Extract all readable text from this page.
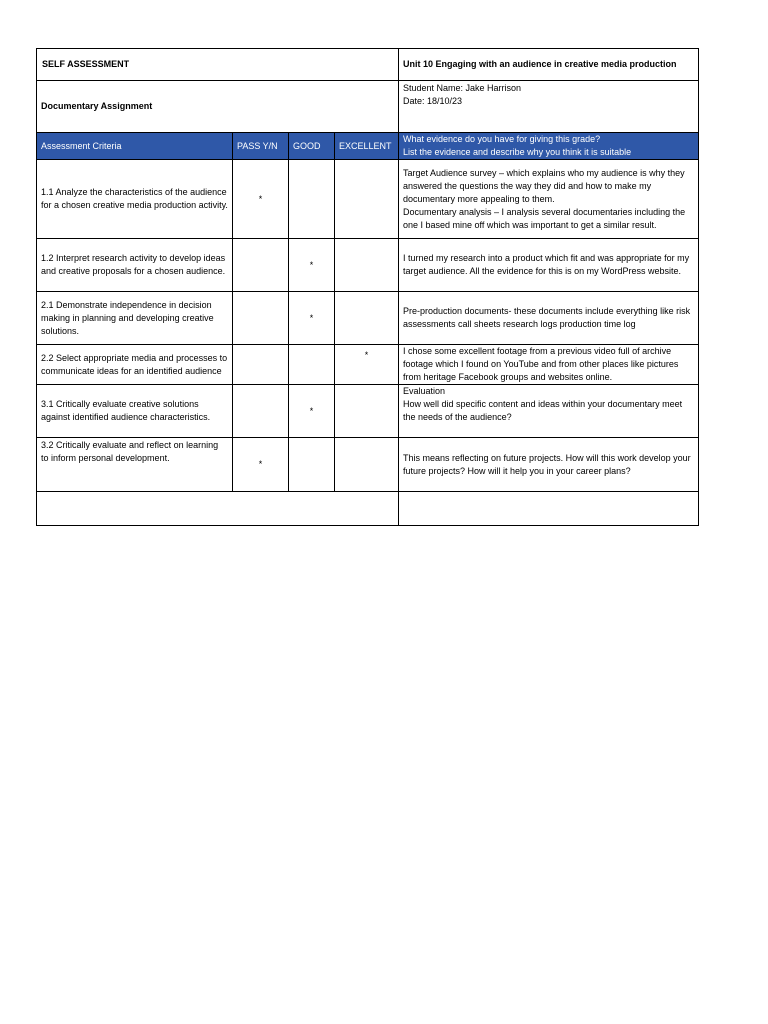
SELF ASSESSMENT				Unit 10 Engaging with an audience in creative media production
Documentary Assignment				Student Name: Jake Harrison
Date: 18/10/23

Assessment Criteria	PASS Y/N	GOOD	EXCELLENT	What evidence do you have for giving this grade?
List the evidence and describe why you think it is suitable

1.1 Analyze the characteristics of the audience for a chosen creative media production activity.	*			Target Audience survey – which explains who my audience is why they answered the questions the way they did and how to make my documentary more appealing to them.
Documentary analysis – I analysis several documentaries including the one I based mine off which was important to get a similar result.

1.2 Interpret research activity to develop ideas and creative proposals for a chosen audience.		*		I turned my research into a product which fit and was appropriate for my target audience. All the evidence for this is on my WordPress website.

2.1 Demonstrate independence in decision making in planning and developing creative solutions.		*		Pre-production documents- these documents include everything like risk assessments call sheets research logs production time log

2.2 Select appropriate media and processes to communicate ideas for an identified audience			*	I chose some excellent footage from a previous video full of archive footage which I found on YouTube and from other places like pictures from heritage Facebook groups and websites online.

3.1 Critically evaluate creative solutions against identified audience characteristics.		*		Evaluation
How well did specific content and ideas within your documentary meet the needs of the audience?

3.2 Critically evaluate and reflect on learning to inform personal development.	*			This means reflecting on future projects. How will this work develop your future projects? How will it help you in your career plans?
